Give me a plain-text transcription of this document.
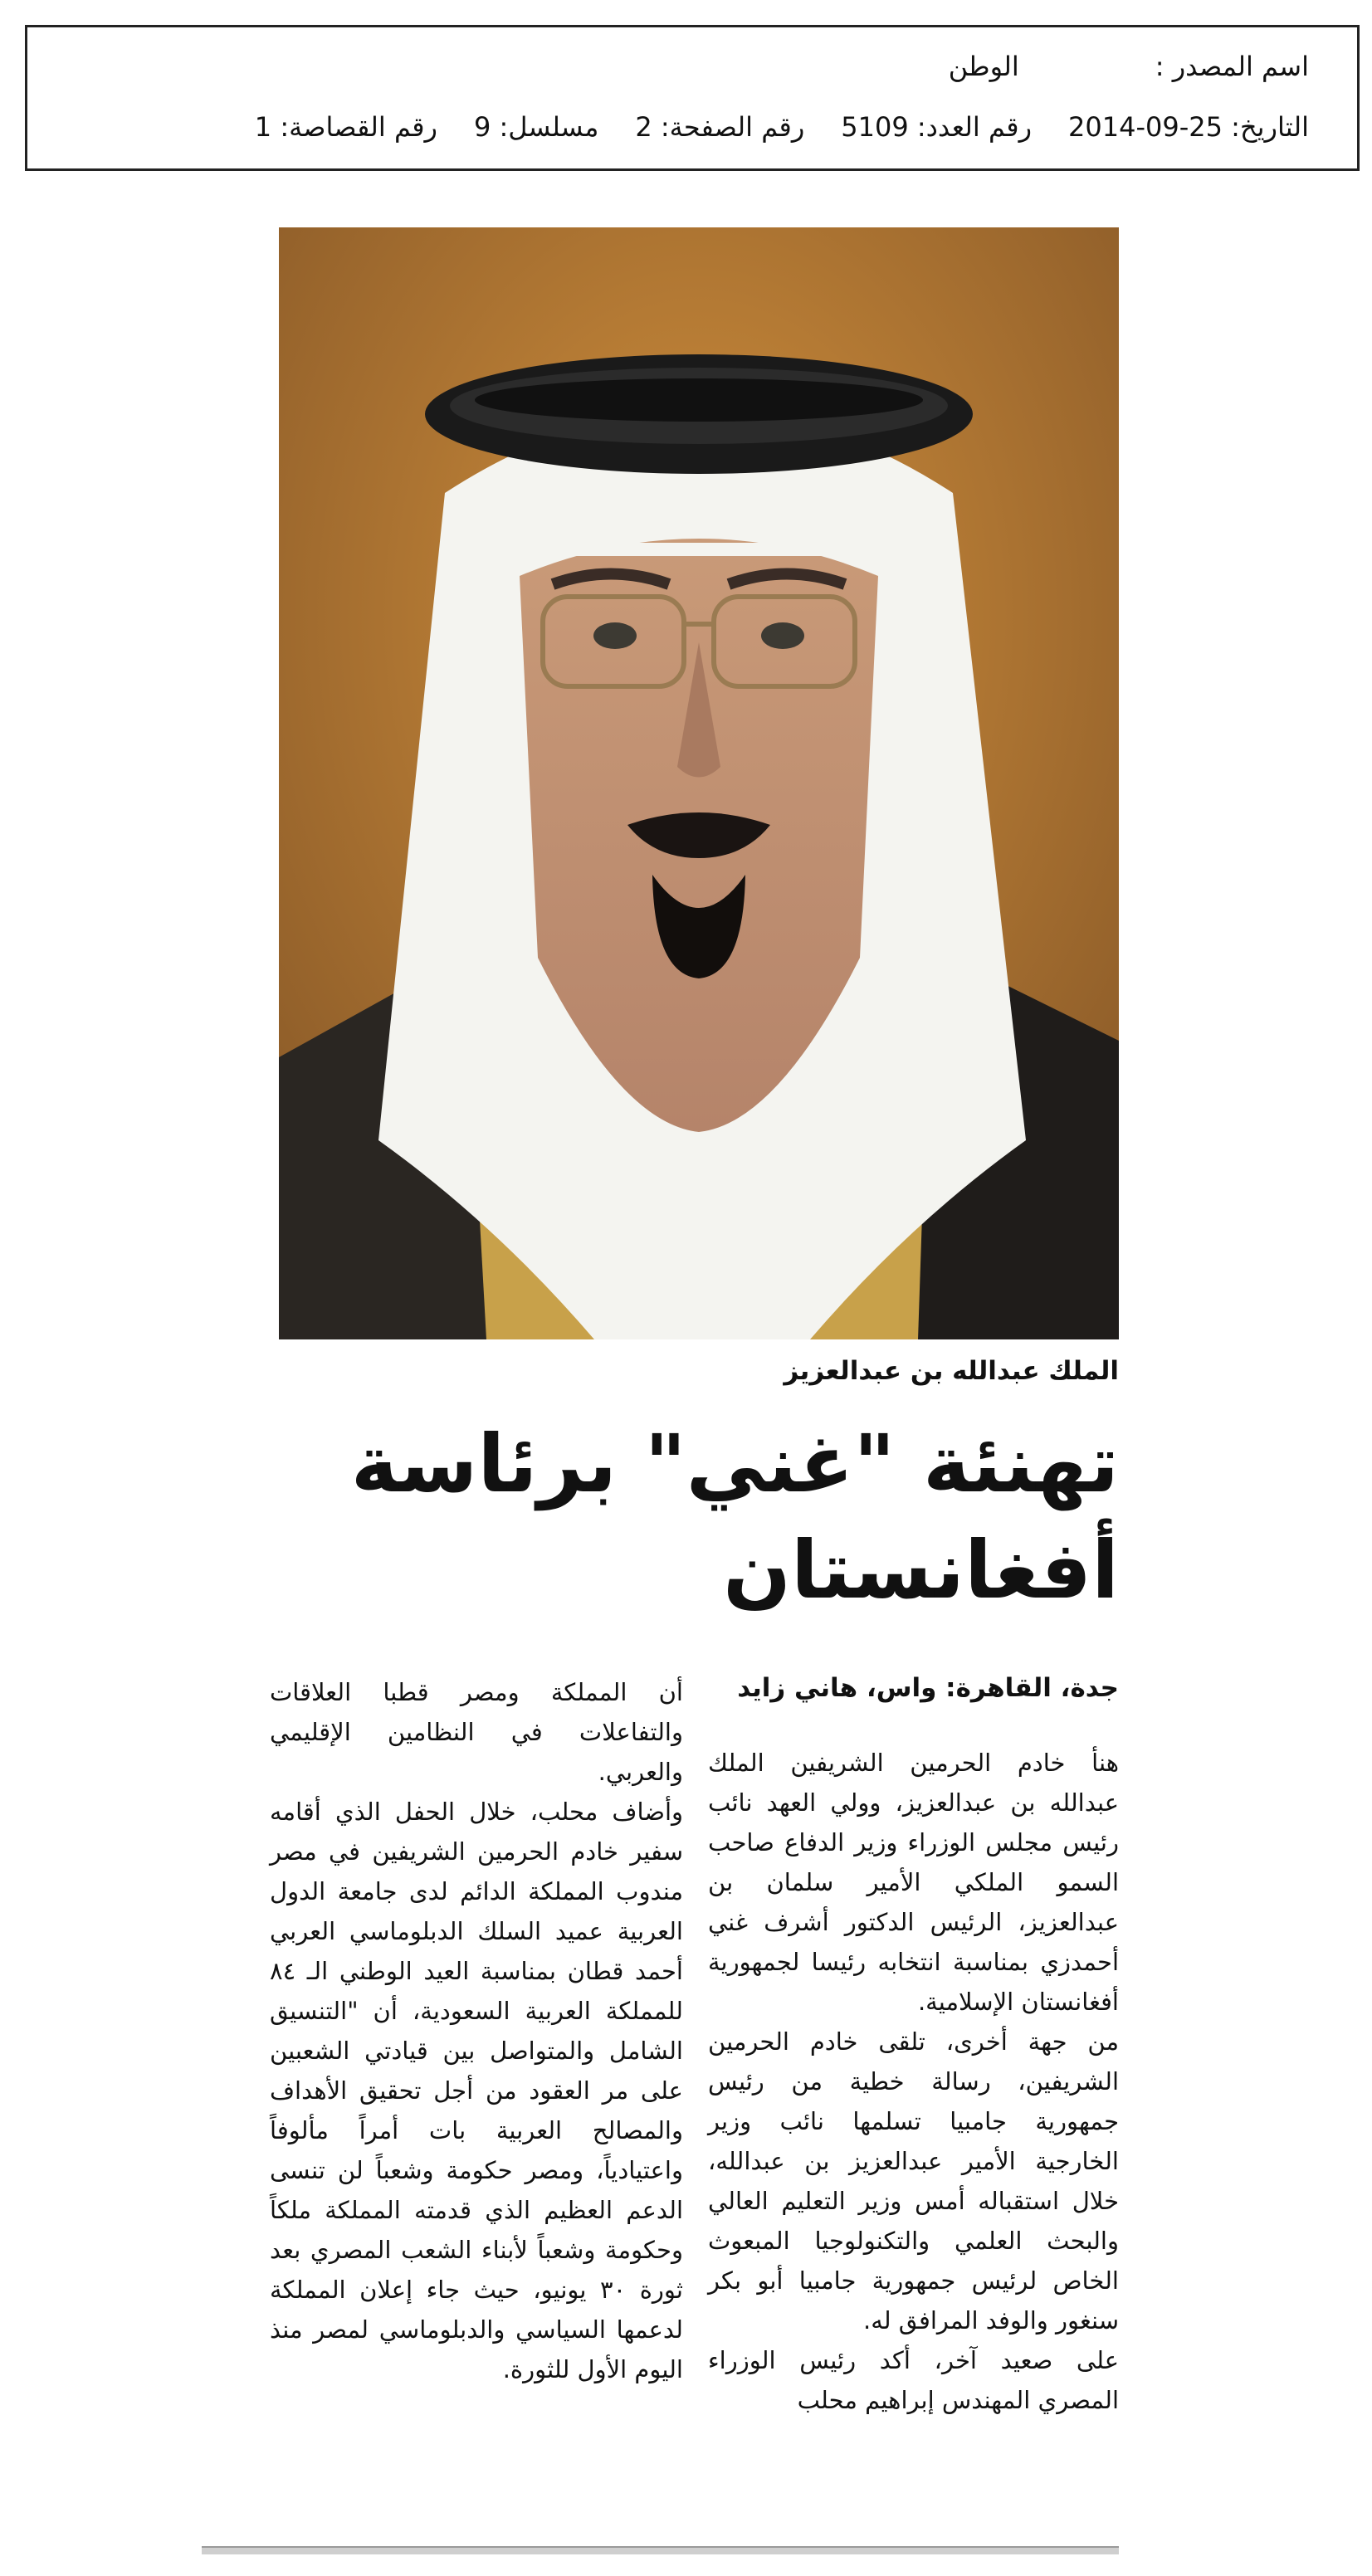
اسم المصدر :الوطن
التاريخ: 25-09-2014رقم العدد: 5109رقم الصفحة: 2مسلسل: 9رقم القصاصة: 1
الملك عبدالله بن عبدالعزيز
تهنئة "غني" برئاسة أفغانستان
جدة، القاهرة: واس، هاني زايد

هنأ خادم الحرمين الشريفين الملك عبدالله بن عبدالعزيز، وولي العهد نائب رئيس مجلس الوزراء وزير الدفاع صاحب السمو الملكي الأمير سلمان بن عبدالعزيز، الرئيس الدكتور أشرف غني أحمدزي بمناسبة انتخابه رئيسا لجمهورية أفغانستان الإسلامية.

من جهة أخرى، تلقى خادم الحرمين الشريفين، رسالة خطية من رئيس جمهورية جامبيا تسلمها نائب وزير الخارجية الأمير عبدالعزيز بن عبدالله، خلال استقباله أمس وزير التعليم العالي والبحث العلمي والتكنولوجيا المبعوث الخاص لرئيس جمهورية جامبيا أبو بكر سنغور والوفد المرافق له.

على صعيد آخر، أكد رئيس الوزراء المصري المهندس إبراهيم محلب

أن المملكة ومصر قطبا العلاقات والتفاعلات في النظامين الإقليمي والعربي.

وأضاف محلب، خلال الحفل الذي أقامه سفير خادم الحرمين الشريفين في مصر مندوب المملكة الدائم لدى جامعة الدول العربية عميد السلك الدبلوماسي العربي أحمد قطان بمناسبة العيد الوطني الـ ٨٤ للمملكة العربية السعودية، أن "التنسيق الشامل والمتواصل بين قيادتي الشعبين على مر العقود من أجل تحقيق الأهداف والمصالح العربية بات أمراً مألوفاً واعتيادياً، ومصر حكومة وشعباً لن تنسى الدعم العظيم الذي قدمته المملكة ملكاً وحكومة وشعباً لأبناء الشعب المصري بعد ثورة ٣٠ يونيو، حيث جاء إعلان المملكة لدعمها السياسي والدبلوماسي لمصر منذ اليوم الأول للثورة.
